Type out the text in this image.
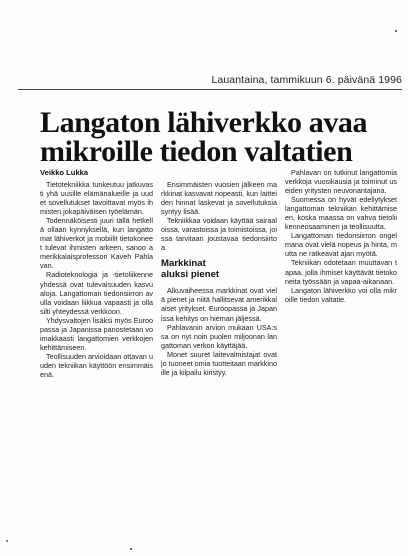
Lauantaina, tammikuun 6. päivänä 1996
Langaton lähiverkko avaa
mikroille tiedon valtatien
Veikko Lukka

Tietotekniikka tunkeutuu jatkuvasti yhä uusille elämänalueille ja uudet sovellutukset tavoittavat myös ihmisten jokapäiväisen työelämän.

Todennäköisesti juuri tällä hetkellä ollaan kynnyksellä, kun langattomat lähiverkot ja mobiilit tietokoneet tulevat ihmisten arkeen, sanoo amerikkalaisprofessori Kaveh Pahlavan.

Radioteknologia ja -tietoliikenne yhdessä ovat tulevaisuuden kasvualoja. Langattoman tiedonsiirron avulla voidaan liikkua vapaasti ja olla silti yhteydessä verkkoon.

Yhdysvaltojen lisäksi myös Euroopassa ja Japanissa panostetaan voimakkaasti langattomien verkkojen kehittämiseen.

Teollisuuden arvioidaan ottavan uuden tekniikan käyttöön ensimmäisenä.

Ensimmäisten vuosien jälkeen markkinat kasvavat nopeasti, kun laitteiden hinnat laskevat ja sovellutuksia syntyy lisää.

Tekniikkaa voidaan käyttää sairaaloissa, varastoissa ja toimistoissa, joissa tarvitaan joustavaa tiedonsiirtoa.

Markkinat
aluksi pienet

Alkuvaiheessa markkinat ovat vielä pienet ja niitä hallitsevat amerikkalaiset yritykset. Euroopassa ja Japanissa kehitys on hieman jäljessä.

Pahlavanin arvion mukaan USA:ssa on nyt noin puolen miljoonan langattoman verkon käyttäjää.

Monet suuret laitevalmistajat ovat jo tuoneet omia tuotteitaan markkinoille ja kilpailu kiristyy.

Pahlavan on tutkinut langattomia verkkoja vuosikausia ja toiminut useiden yritysten neuvonantajana.

Suomessa on hyvät edellytykset langattoman tekniikan kehittämiseen, koska maassa on vahva tietoliikenneosaaminen ja teollisuutta.

Langattoman tiedonsiirron ongelmana ovat vielä nopeus ja hinta, mutta ne ratkeavat ajan myötä.

Tekniikan odotetaan muuttavan tapaa, jolla ihmiset käyttävät tietokoneita työssään ja vapaa-aikanaan.

Langaton lähiverkko voi olla mikroille tiedon valtatie.
